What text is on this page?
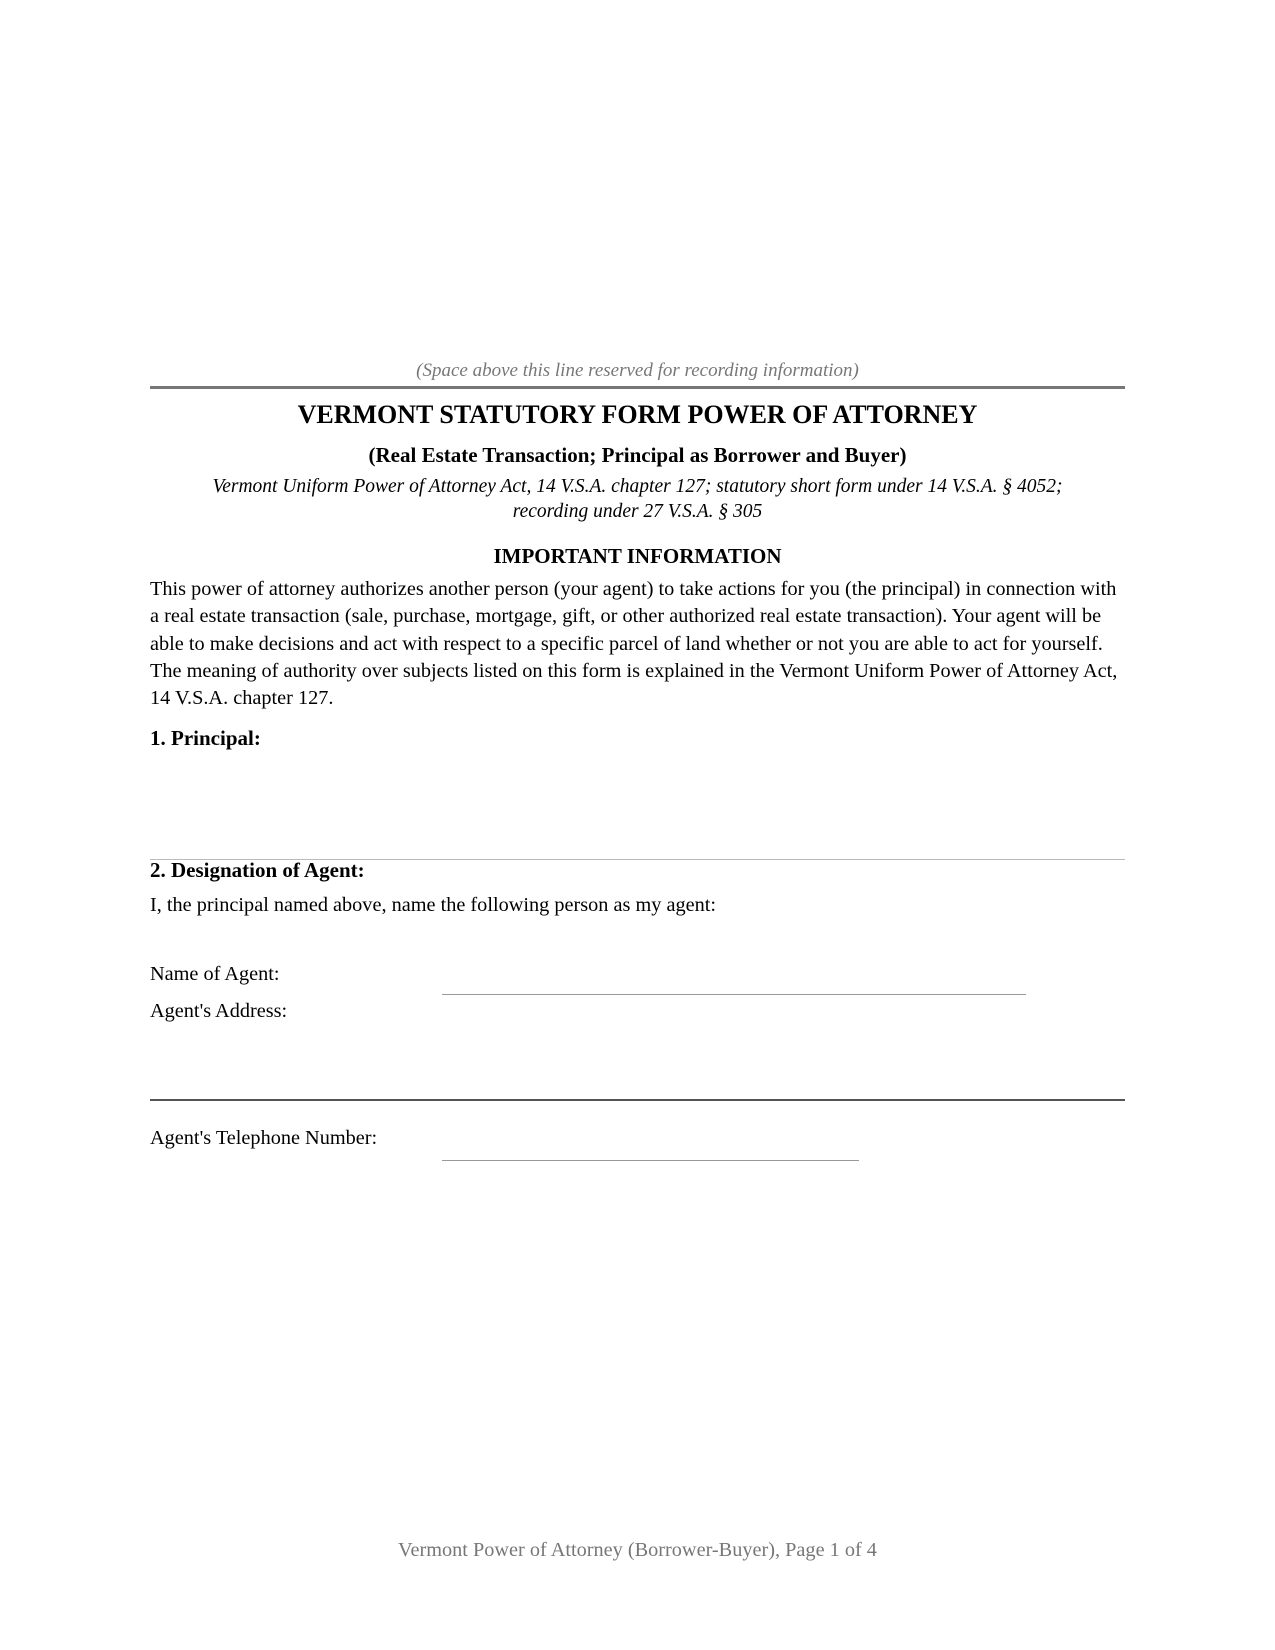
(Space above this line reserved for recording information)
VERMONT STATUTORY FORM POWER OF ATTORNEY
(Real Estate Transaction; Principal as Borrower and Buyer)
Vermont Uniform Power of Attorney Act, 14 V.S.A. chapter 127; statutory short form under 14 V.S.A. § 4052;
recording under 27 V.S.A. § 305
IMPORTANT INFORMATION
This power of attorney authorizes another person (your agent) to take actions for you (the principal) in connection with a real estate transaction (sale, purchase, mortgage, gift, or other authorized real estate transaction). Your agent will be able to make decisions and act with respect to a specific parcel of land whether or not you are able to act for yourself. The meaning of authority over subjects listed on this form is explained in the Vermont Uniform Power of Attorney Act, 14 V.S.A. chapter 127.
1. Principal:
2. Designation of Agent:
I, the principal named above, name the following person as my agent:
Name of Agent:
Agent's Address:
Agent's Telephone Number:
Vermont Power of Attorney (Borrower-Buyer), Page 1 of 4
